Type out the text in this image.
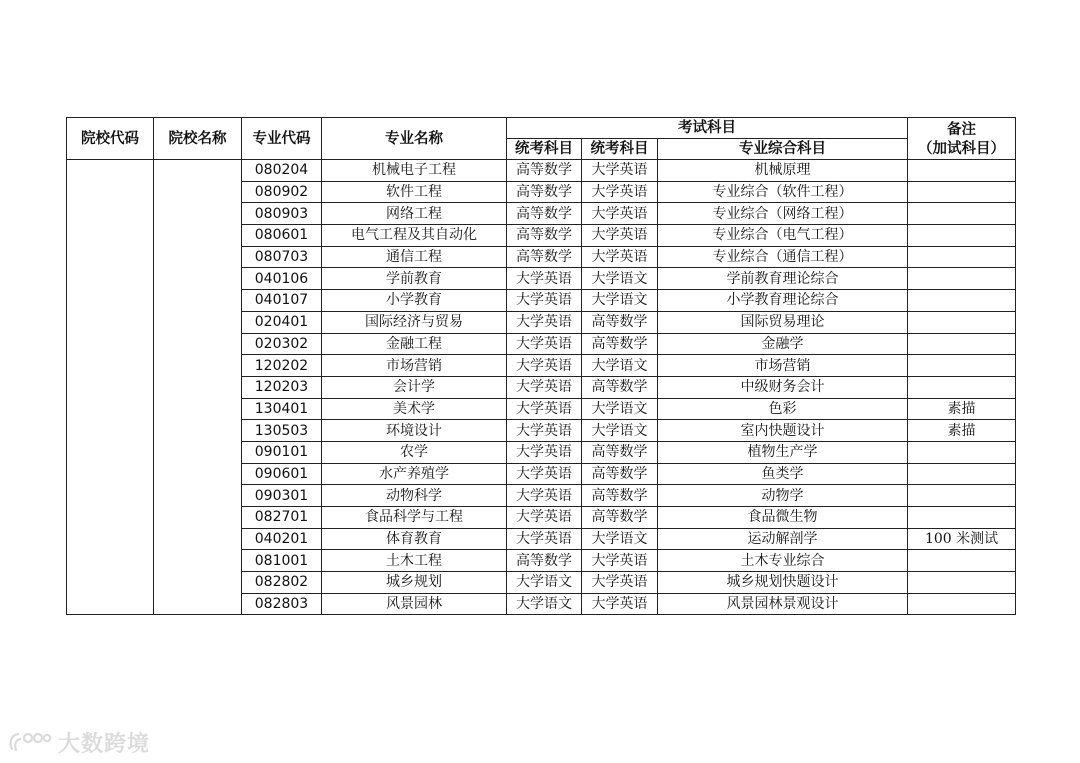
院校代码	院校名称	专业代码	专业名称	考试科目			备注
（加试科目）

				统考科目	统考科目	专业综合科目	
		080204	机械电子工程	高等数学	大学英语	机械原理	
		080902	软件工程	高等数学	大学英语	专业综合（软件工程）	
		080903	网络工程	高等数学	大学英语	专业综合（网络工程）	
		080601	电气工程及其自动化	高等数学	大学英语	专业综合（电气工程）	
		080703	通信工程	高等数学	大学英语	专业综合（通信工程）	
		040106	学前教育	大学英语	大学语文	学前教育理论综合	
		040107	小学教育	大学英语	大学语文	小学教育理论综合	
		020401	国际经济与贸易	大学英语	高等数学	国际贸易理论	
		020302	金融工程	大学英语	高等数学	金融学	
		120202	市场营销	大学英语	大学语文	市场营销	
		120203	会计学	大学英语	高等数学	中级财务会计	
		130401	美术学	大学英语	大学语文	色彩	素描
		130503	环境设计	大学英语	大学语文	室内快题设计	素描
		090101	农学	大学英语	高等数学	植物生产学	
		090601	水产养殖学	大学英语	高等数学	鱼类学	
		090301	动物科学	大学英语	高等数学	动物学	
		082701	食品科学与工程	大学英语	高等数学	食品微生物	
		040201	体育教育	大学英语	大学语文	运动解剖学	100 米测试
		081001	土木工程	高等数学	大学英语	土木专业综合	
		082802	城乡规划	大学语文	大学英语	城乡规划快题设计	
		082803	风景园林	大学语文	大学英语	风景园林景观设计	
大数跨境
